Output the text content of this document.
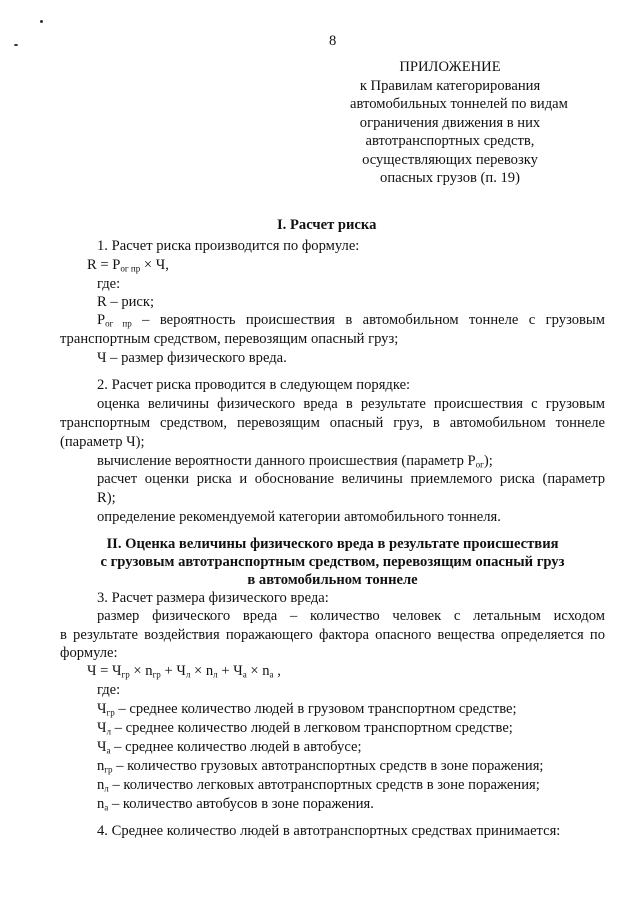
8
ПРИЛОЖЕНИЕ
к Правилам категорирования
автомобильных тоннелей по видам
ограничения движения в них
автотранспортных средств,
осуществляющих перевозку
опасных грузов (п. 19)
I. Расчет риска
1. Расчет риска производится по формуле:
$R = P_{ог пр} \times Ч$,
где:
R – риск;
$P_{ог пр}$ – вероятность происшествия в автомобильном тоннеле с грузовым
транспортным средством, перевозящим опасный груз;
Ч – размер физического вреда.
2. Расчет риска проводится в следующем порядке:
оценка величины физического вреда в результате происшествия с грузовым
транспортным средством, перевозящим опасный груз, в автомобильном тоннеле
(параметр Ч);
вычисление вероятности данного происшествия (параметр $P_{ог}$);
расчет оценки риска и обоснование величины приемлемого риска (параметр
R);
определение рекомендуемой категории автомобильного тоннеля.
II. Оценка величины физического вреда в результате происшествия
с грузовым автотранспортным средством, перевозящим опасный груз
в автомобильном тоннеле
3. Расчет размера физического вреда:
размер физического вреда – количество человек с летальным исходом
в результате воздействия поражающего фактора опасного вещества определяется по
формуле:
$Ч = Ч_{гр} \times n_{гр} + Ч_л \times n_л + Ч_а \times n_а$ ,
где:
$Ч_{гр}$ – среднее количество людей в грузовом транспортном средстве;
$Ч_л$ – среднее количество людей в легковом транспортном средстве;
$Ч_а$ – среднее количество людей в автобусе;
$n_{гр}$ – количество грузовых автотранспортных средств в зоне поражения;
$n_л$ – количество легковых автотранспортных средств в зоне поражения;
$n_а$ – количество автобусов в зоне поражения.
4. Среднее количество людей в автотранспортных средствах принимается:
